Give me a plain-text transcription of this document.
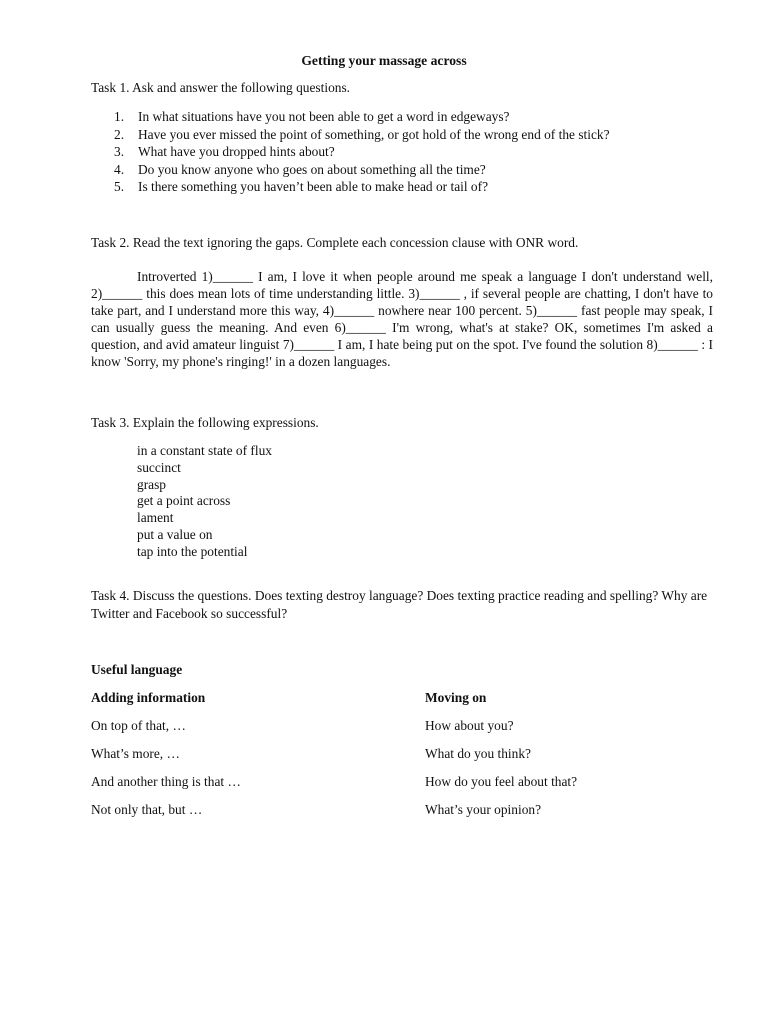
Getting your massage across
Task 1. Ask and answer the following questions.
1. In what situations have you not been able to get a word in edgeways?
2. Have you ever missed the point of something, or got hold of the wrong end of the stick?
3. What have you dropped hints about?
4. Do you know anyone who goes on about something all the time?
5. Is there something you haven’t been able to make head or tail of?
Task 2. Read the text ignoring the gaps. Complete each concession clause with ONR word.
Introverted 1)______ I am, I love it when people around me speak a language I don't understand well, 2)______ this does mean lots of time understanding little. 3)______ , if several people are chatting, I don't have to take part, and I understand more this way, 4)______ nowhere near 100 percent. 5)______ fast people may speak, I can usually guess the meaning. And even 6)______ I'm wrong, what's at stake? OK, sometimes I'm asked a question, and avid amateur linguist 7)______ I am, I hate being put on the spot. I've found the solution 8)______ : I know 'Sorry, my phone's ringing!' in a dozen languages.
Task 3. Explain the following expressions.
in a constant state of flux
succinct
grasp
get a point across
lament
put a value on
tap into the potential
Task 4. Discuss the questions. Does texting destroy language? Does texting practice reading and spelling? Why are Twitter and Facebook so successful?
Useful language
Adding information
On top of that, …
What’s more, …
And another thing is that …
Not only that, but …
Moving on
How about you?
What do you think?
How do you feel about that?
What’s your opinion?
